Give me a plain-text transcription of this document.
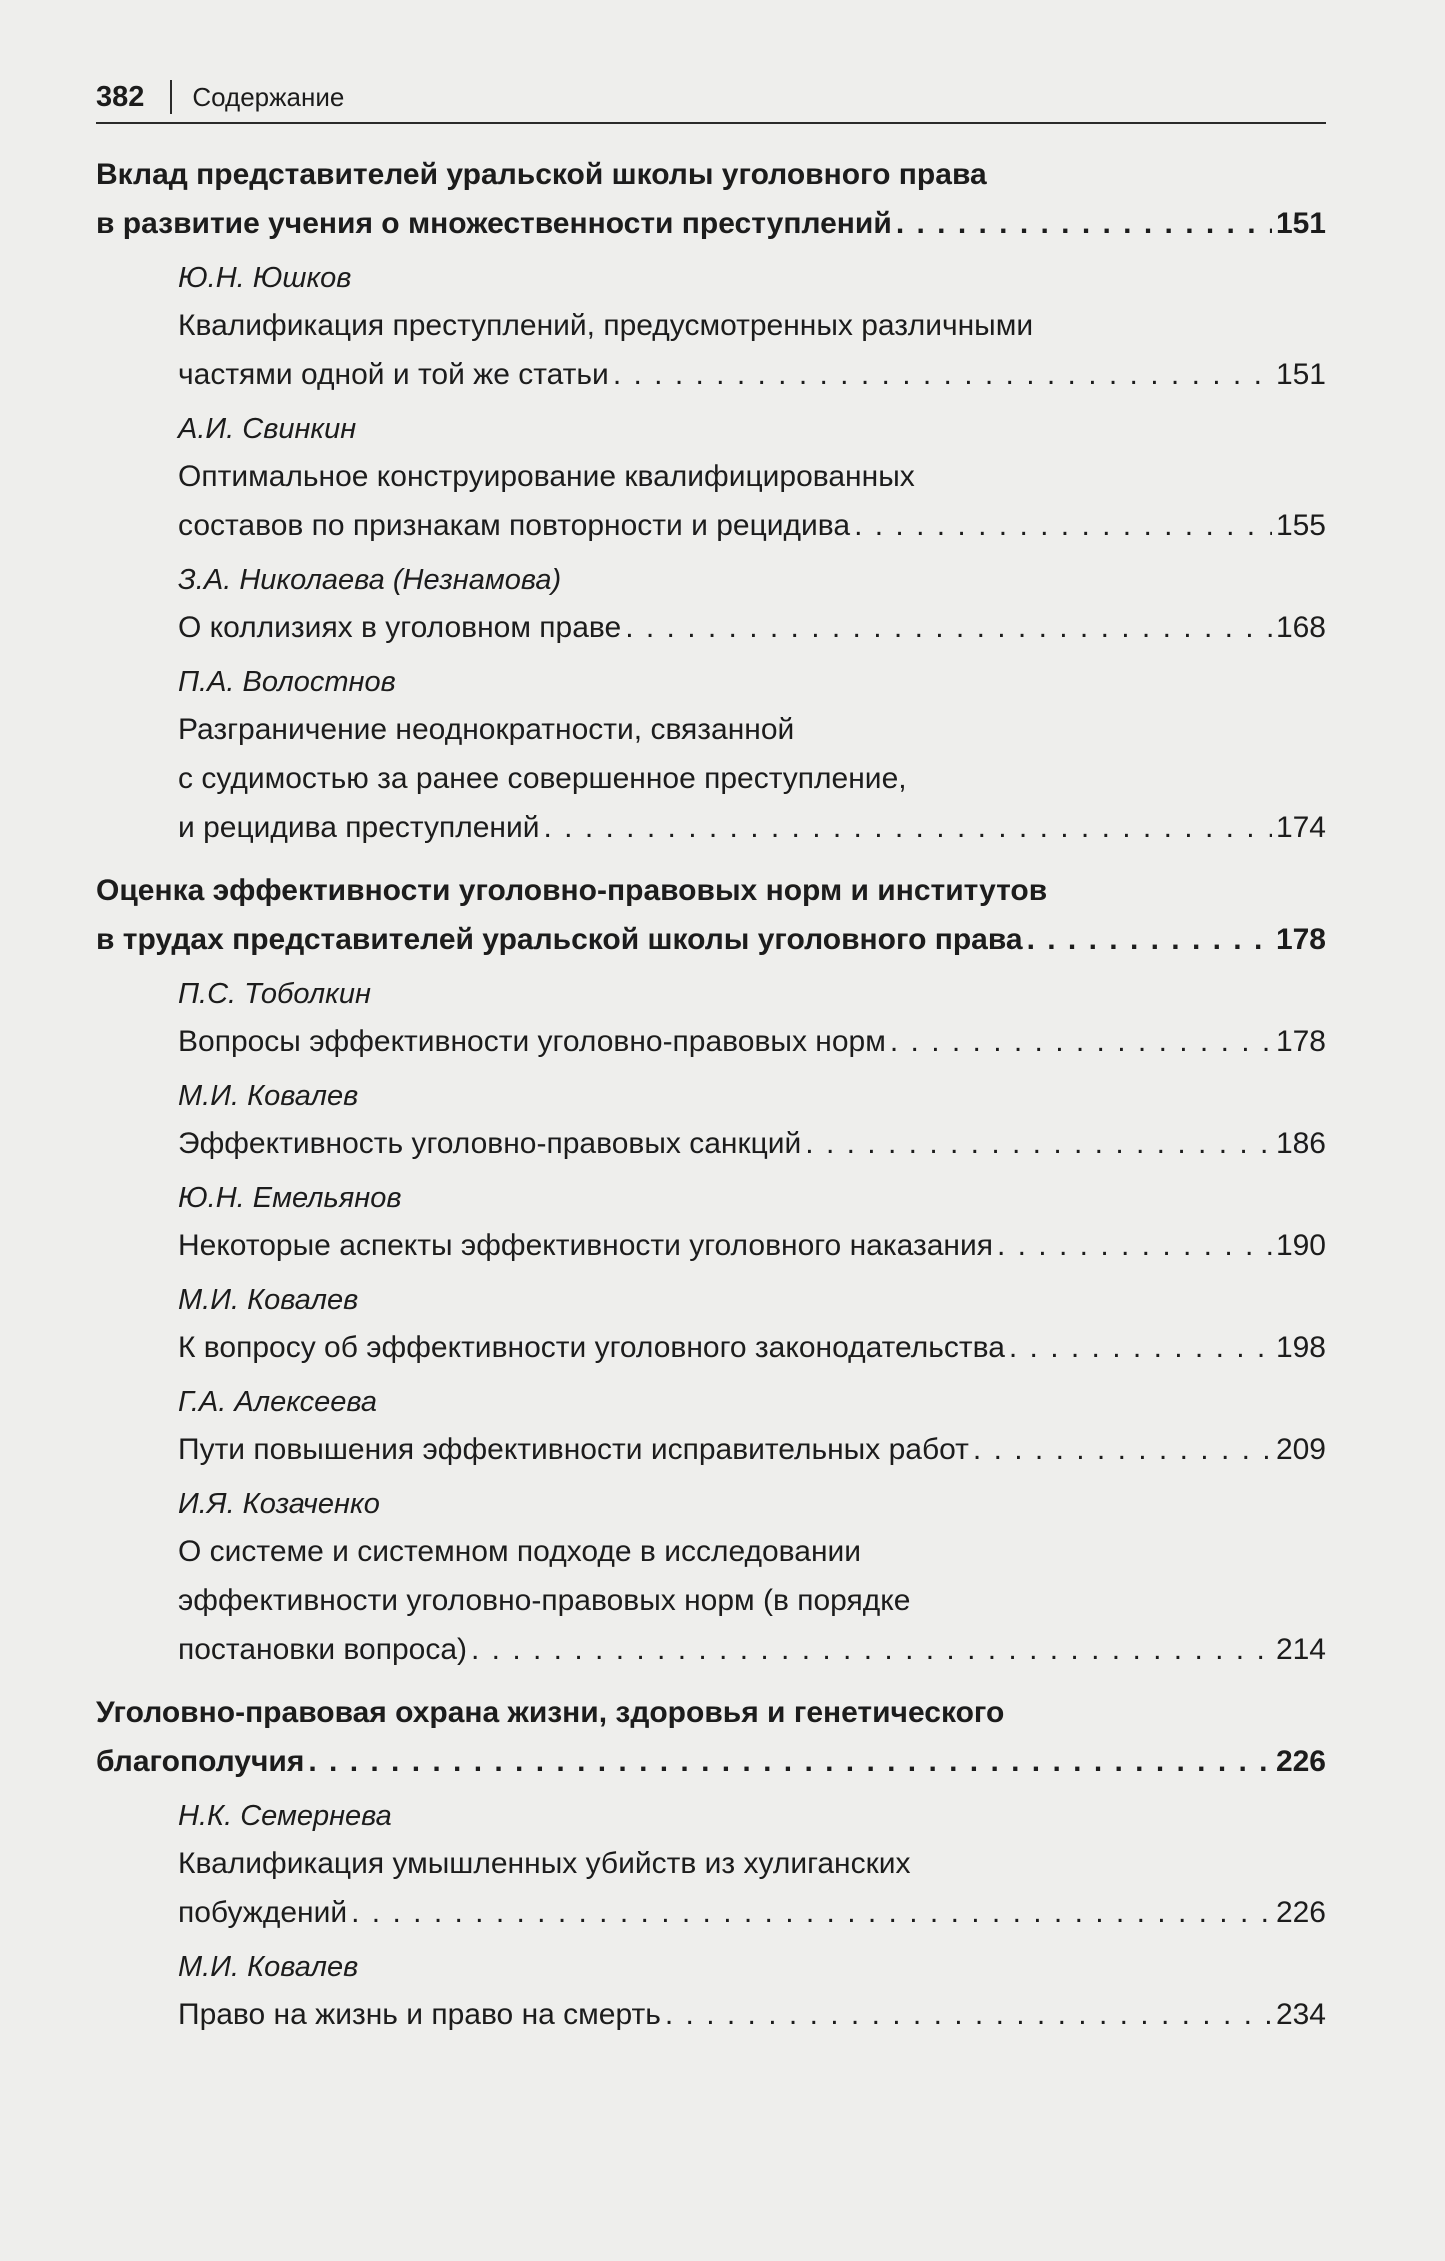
382 Содержание
Вклад представителей уральской школы уголовного права
в развитие учения о множественности преступлений . . .	151
Ю.Н. Юшков
Квалификация преступлений, предусмотренных различными
частями одной и той же статьи . . .	151
А.И. Свинкин
Оптимальное конструирование квалифицированных
составов по признакам повторности и рецидива . . .	155
З.А. Николаева (Незнамова)
О коллизиях в уголовном праве . . .	168
П.А. Волостнов
Разграничение неоднократности, связанной
с судимостью за ранее совершенное преступление,
и рецидива преступлений . . .	174
Оценка эффективности уголовно-правовых норм и институтов
в трудах представителей уральской школы уголовного права . . .	178
П.С. Тоболкин
Вопросы эффективности уголовно-правовых норм . . .	178
М.И. Ковалев
Эффективность уголовно-правовых санкций . . .	186
Ю.Н. Емельянов
Некоторые аспекты эффективности уголовного наказания . . .	190
М.И. Ковалев
К вопросу об эффективности уголовного законодательства . . .	198
Г.А. Алексеева
Пути повышения эффективности исправительных работ . . .	209
И.Я. Козаченко
О системе и системном подходе в исследовании
эффективности уголовно-правовых норм (в порядке
постановки вопроса) . . .	214
Уголовно-правовая охрана жизни, здоровья и генетического
благополучия . . .	226
Н.К. Семернева
Квалификация умышленных убийств из хулиганских
побуждений . . .	226
М.И. Ковалев
Право на жизнь и право на смерть . . .	234
